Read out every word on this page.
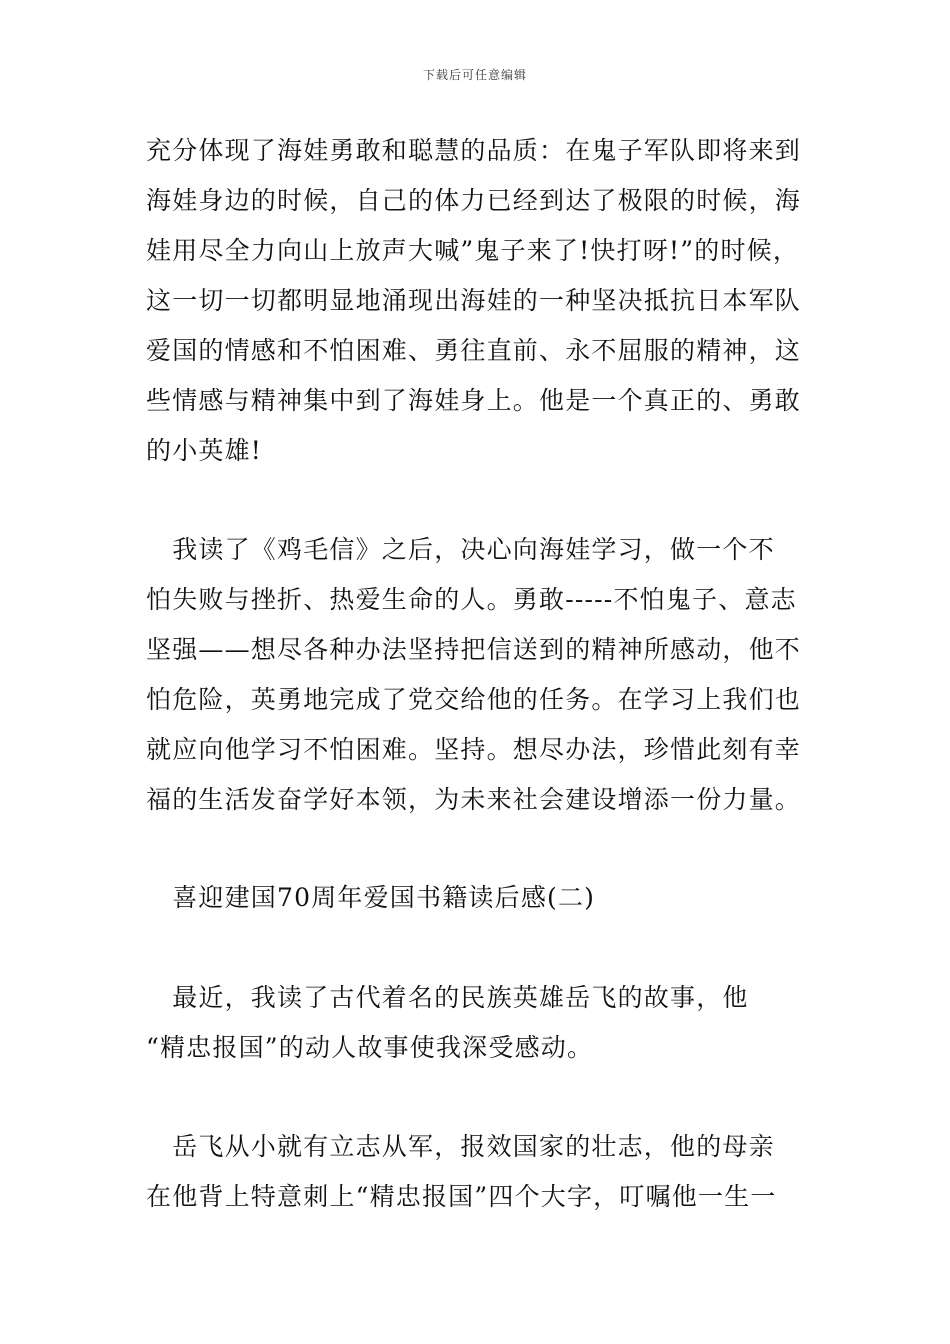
下载后可任意编辑
充分体现了海娃勇敢和聪慧的品质：在鬼子军队即将来到
海娃身边的时候，自己的体力已经到达了极限的时候，海
娃用尽全力向山上放声大喊”鬼子来了!快打呀!”的时候，
这一切一切都明显地涌现出海娃的一种坚决抵抗日本军队
爱国的情感和不怕困难、勇往直前、永不屈服的精神，这
些情感与精神集中到了海娃身上。他是一个真正的、勇敢
的小英雄!
　我读了《鸡毛信》之后，决心向海娃学习，做一个不
怕失败与挫折、热爱生命的人。勇敢-----不怕鬼子、意志
坚强——想尽各种办法坚持把信送到的精神所感动，他不
怕危险，英勇地完成了党交给他的任务。在学习上我们也
就应向他学习不怕困难。坚持。想尽办法，珍惜此刻有幸
福的生活发奋学好本领，为未来社会建设增添一份力量。
　喜迎建国70周年爱国书籍读后感(二)
　最近，我读了古代着名的民族英雄岳飞的故事，他
“精忠报国”的动人故事使我深受感动。
　岳飞从小就有立志从军，报效国家的壮志，他的母亲
在他背上特意刺上“精忠报国”四个大字，叮嘱他一生一
